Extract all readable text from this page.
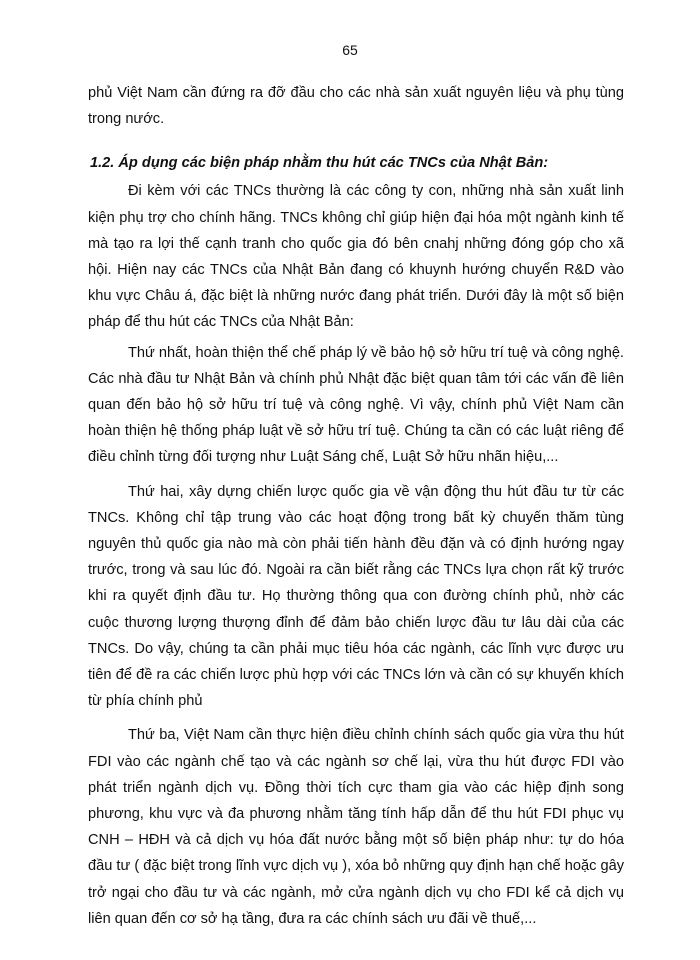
65

phủ Việt Nam cần đứng ra đỡ đầu cho các nhà sản xuất nguyên liệu và phụ tùng trong nước.

1.2. Áp dụng các biện pháp nhằm thu hút các TNCs của Nhật Bản:

Đi kèm với các TNCs thường là các công ty con, những nhà sản xuất linh kiện phụ trợ cho chính hãng. TNCs không chỉ giúp hiện đại hóa một ngành kinh tế mà tạo ra lợi thế cạnh tranh cho quốc gia đó bên cnahj những đóng góp cho xã hội. Hiện nay các TNCs của Nhật Bản đang có khuynh hướng chuyển R&D vào khu vực Châu á, đặc biệt là những nước đang phát triển. Dưới đây là một số biện pháp để thu hút các TNCs của Nhật Bản:

Thứ nhất, hoàn thiện thể chế pháp lý về bảo hộ sở hữu trí tuệ và công nghệ. Các nhà đầu tư Nhật Bản và chính phủ Nhật đặc biệt quan tâm tới các vấn đề liên quan đến bảo hộ sở hữu trí tuệ và công nghệ. Vì vậy, chính phủ Việt Nam cần hoàn thiện hệ thống pháp luật về sở hữu trí tuệ. Chúng ta cần có các luật riêng để điều chỉnh từng đối tượng như Luật Sáng chế, Luật Sở hữu nhãn hiệu,...

Thứ hai, xây dựng chiến lược quốc gia về vận động thu hút đầu tư từ các TNCs. Không chỉ tập trung vào các hoạt động trong bất kỳ chuyến thăm tùng nguyên thủ quốc gia nào mà còn phải tiến hành đều đặn và có định hướng ngay trước, trong và sau lúc đó. Ngoài ra cần biết rằng các TNCs lựa chọn rất kỹ trước khi ra quyết định đầu tư. Họ thường thông qua con đường chính phủ, nhờ các cuộc thương lượng thượng đỉnh để đảm bảo chiến lược đầu tư lâu dài của các TNCs. Do vậy, chúng ta cần phải mục tiêu hóa các ngành, các lĩnh vực được ưu tiên để đề ra các chiến lược phù hợp với các TNCs lớn và cần có sự khuyến khích từ phía chính phủ

Thứ ba, Việt Nam cần thực hiện điều chỉnh chính sách quốc gia vừa thu hút FDI vào các ngành chế tạo và các ngành sơ chế lại, vừa thu hút được FDI vào phát triển ngành dịch vụ. Đồng thời tích cực tham gia vào các hiệp định song phương, khu vực và đa phương nhằm tăng tính hấp dẫn để thu hút FDI phục vụ CNH – HĐH và cả dịch vụ hóa đất nước bằng một số biện pháp như: tự do hóa đầu tư ( đặc biệt trong lĩnh vực dịch vụ ), xóa bỏ những quy định hạn chế hoặc gây trở ngại cho đầu tư và các ngành, mở cửa ngành dịch vụ cho FDI kể cả dịch vụ liên quan đến cơ sở hạ tầng, đưa ra các chính sách ưu đãi về thuế,...
